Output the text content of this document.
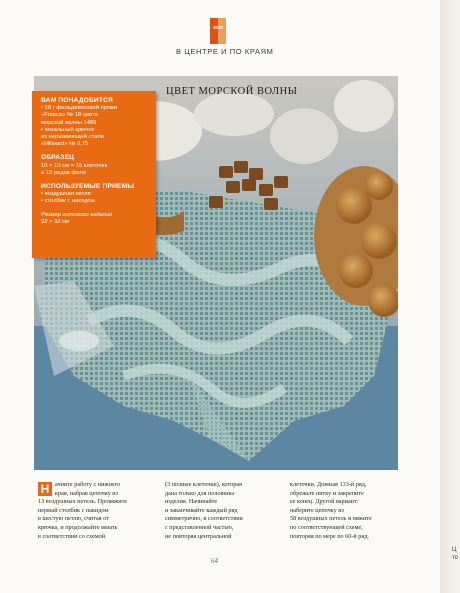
В ЦЕНТРЕ И ПО КРАЯМ
ВАМ ПОНАДОБИТСЯ

• 50 г фильдекосовой пряжи

«Fresca» № 18 цвета

морской волны 1489

• вязальный крючок

из нержавеющей стали

«Milward» № 0,75

ОБРАЗЕЦ

10 × 10 см = 15 клеточек

и 15 рядов филе

ИСПОЛЬЗУЕМЫЕ ПРИЕМЫ

• воздушная петля

• столбик с накидом

Размер готового изделия

92 × 92 см

ЦВЕТ МОРСКОЙ ВОЛНЫ
Н ачните работу с нижнего

края, набрав цепочку из

13 воздушных петель. Провяжите

первый столбик с накидом

в шестую петлю, считая от

крючка, и продолжайте вязать

в соответствии со схемой

(3 полные клеточки), которая

дана только для половины

изделия. Начинайте

и заканчивайте каждый ряд

симметрично, в соответствии

с представленной частью,

не повторяя центральной

клеточки. Довязав 133-й ряд,

обрежьте нитку и закрепите

ее конец. Другой вариант:

наберите цепочку из

58 воздушных петель и вяжите

по соответствующей схеме,

повторяя по мере по 60-й ряд.

64
Ц
то
